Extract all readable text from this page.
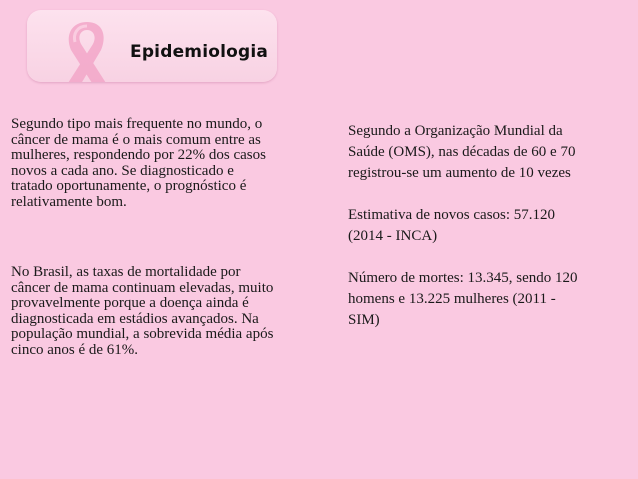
Epidemiologia

Segundo tipo mais frequente no mundo, o
câncer de mama é o mais comum entre as
mulheres, respondendo por 22% dos casos
novos a cada ano. Se diagnosticado e
tratado oportunamente, o prognóstico é
relativamente bom.

No Brasil, as taxas de mortalidade por
câncer de mama continuam elevadas, muito
provavelmente porque a doença ainda é
diagnosticada em estádios avançados. Na
população mundial, a sobrevida média após
cinco anos é de 61%.

Segundo a Organização Mundial da
Saúde (OMS), nas décadas de 60 e 70
registrou-se um aumento de 10 vezes

Estimativa de novos casos: 57.120
(2014 - INCA)

Número de mortes: 13.345, sendo 120
homens e 13.225 mulheres (2011 -
SIM)
